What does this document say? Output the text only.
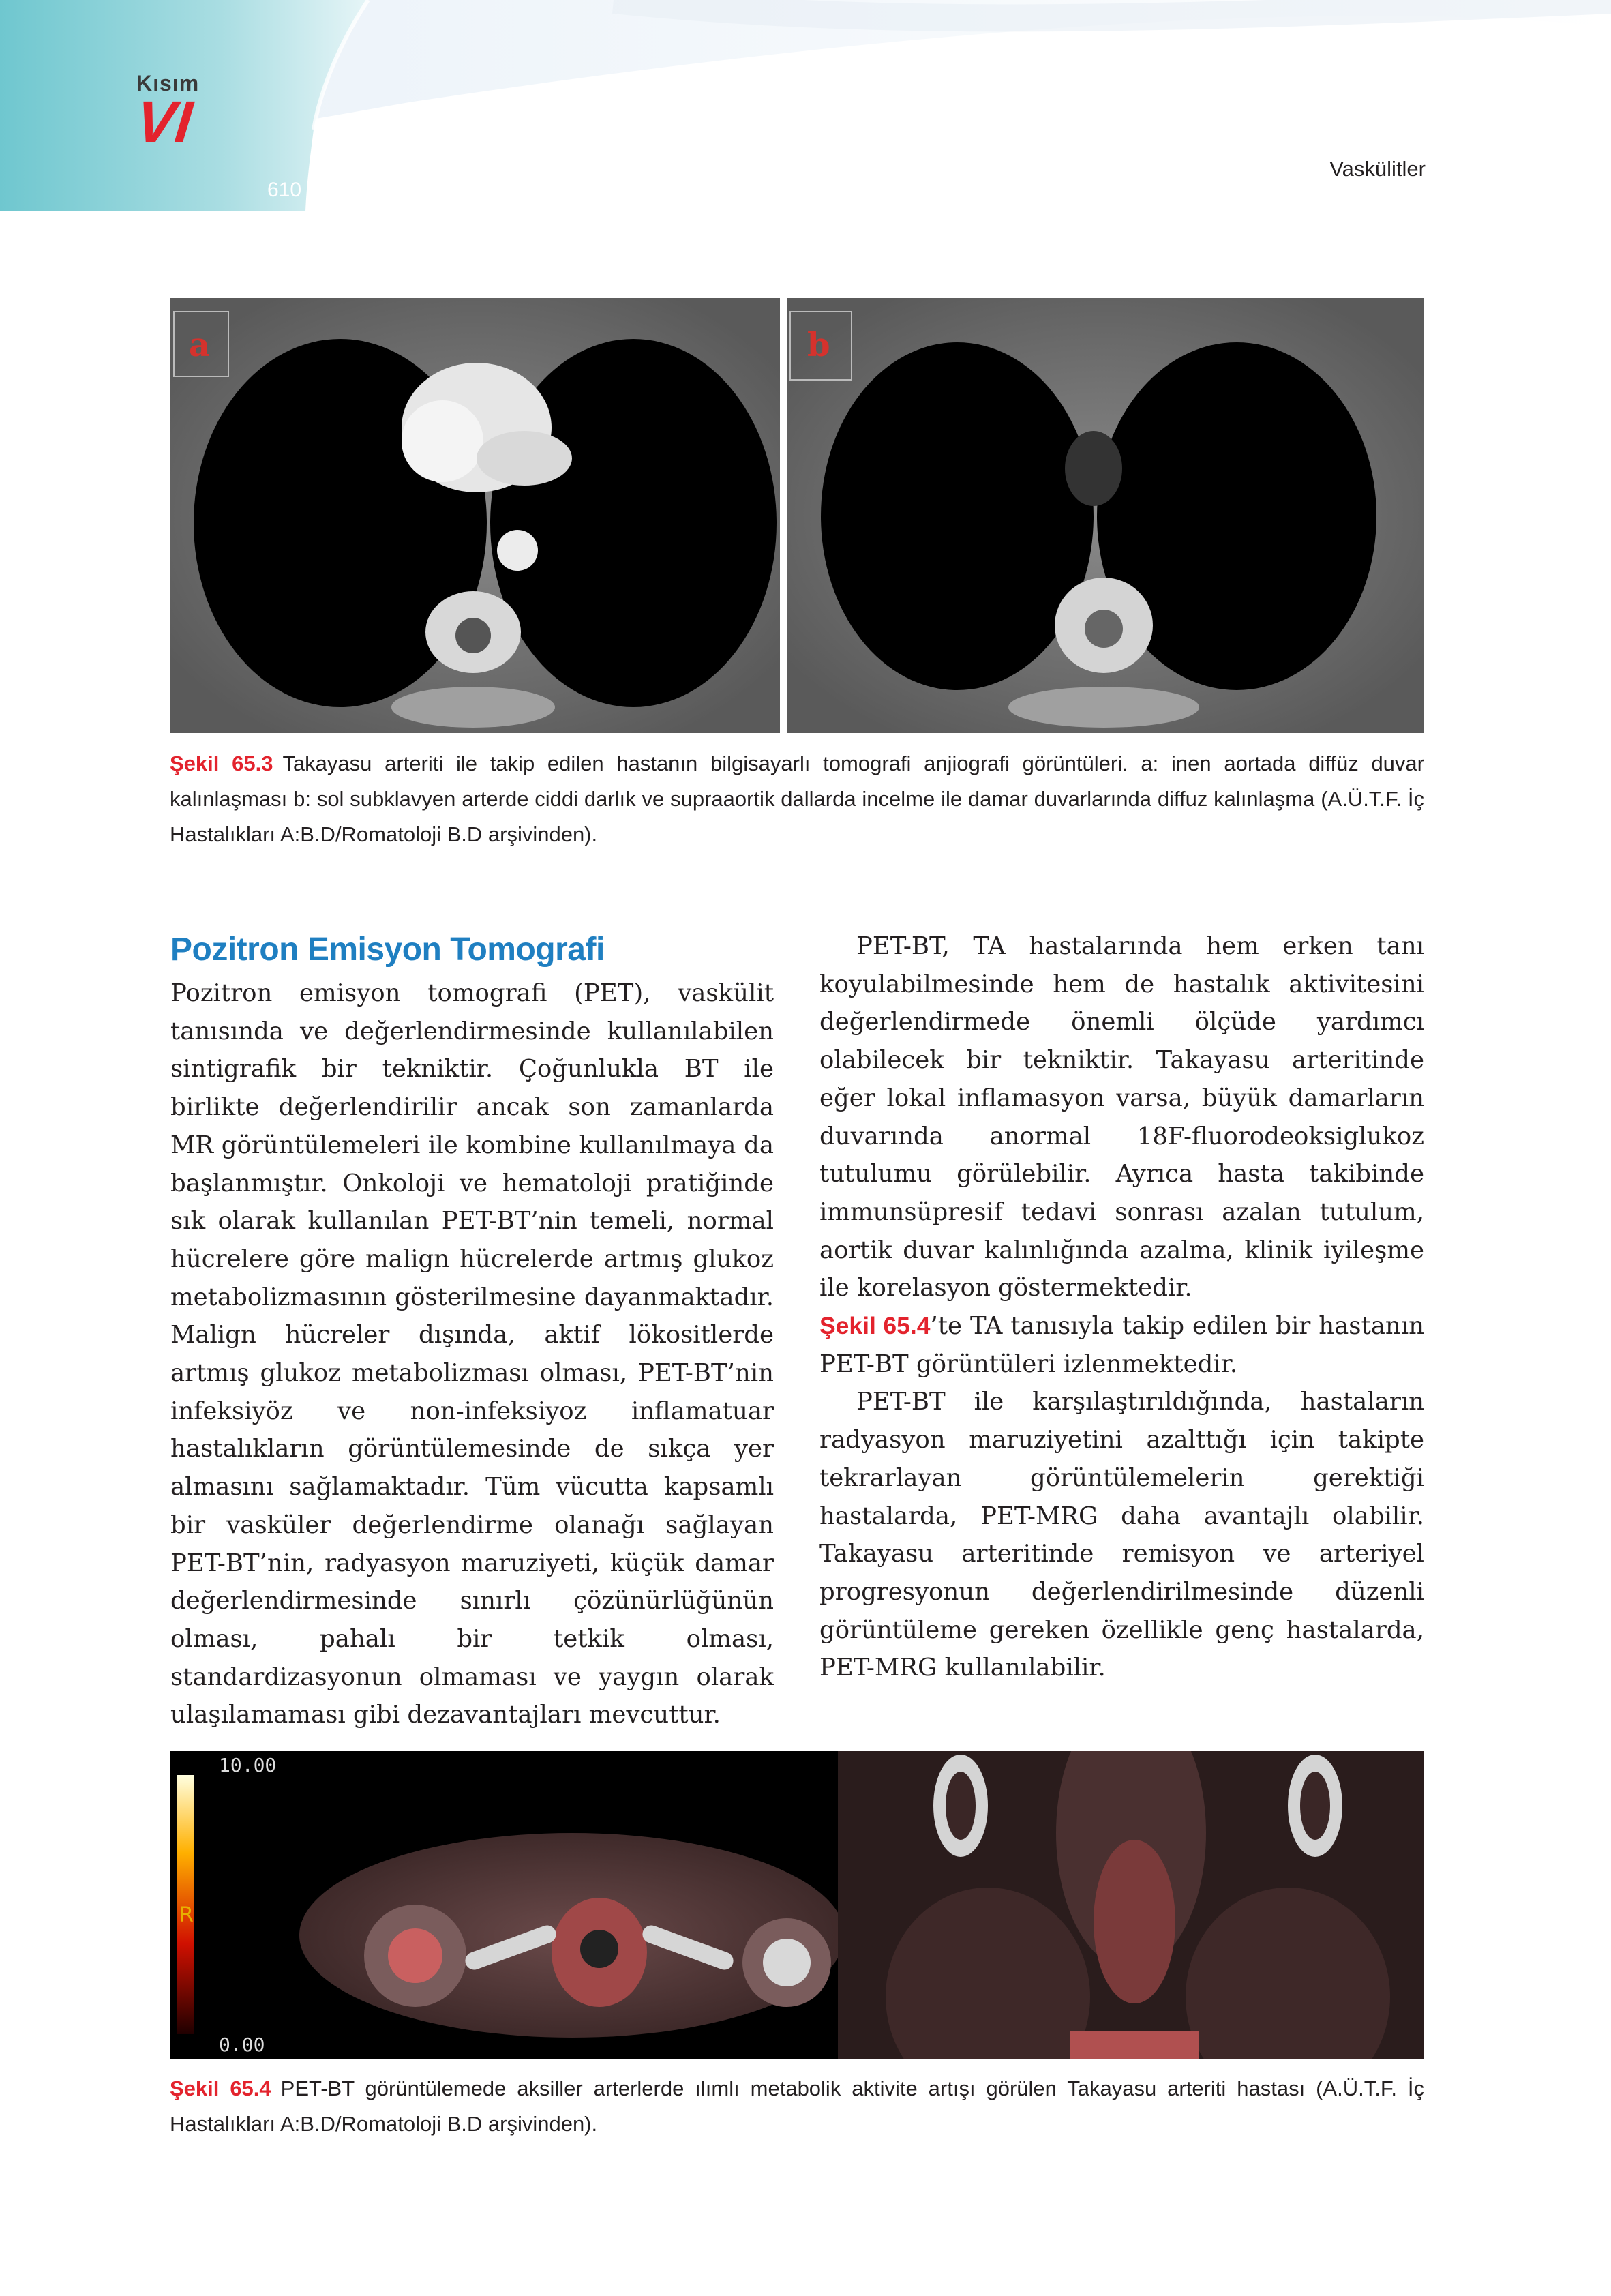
Kısım
VI
610
Vaskülitler
a	b
Şekil 65.3 Takayasu arteriti ile takip edilen hastanın bilgisayarlı tomografi anjiografi görüntüleri. a: inen aortada diffüz duvar kalınlaşması b: sol subklavyen arterde ciddi darlık ve supraaortik dallarda incelme ile damar duvarlarında diffuz kalınlaşma (A.Ü.T.F. İç Hastalıkları A:B.D/Romatoloji B.D arşivinden).
Pozitron Emisyon Tomografi

Pozitron emisyon tomografi (PET), vaskülit tanısında ve değerlendirmesinde kullanılabilen sintigrafik bir tekniktir. Çoğunlukla BT ile birlikte değerlendirilir ancak son zamanlarda MR görüntülemeleri ile kombine kullanılmaya da başlanmıştır. Onkoloji ve hematoloji pratiğinde sık olarak kullanılan PET-BT’nin temeli, normal hücrelere göre malign hücrelerde artmış glukoz metabolizmasının gösterilmesine dayanmaktadır. Malign hücreler dışında, aktif lökositlerde artmış glukoz metabolizması olması, PET-BT’nin infeksiyöz ve non-infeksiyoz inflamatuar hastalıkların görüntülemesinde de sıkça yer almasını sağlamaktadır. Tüm vücutta kapsamlı bir vasküler değerlendirme olanağı sağlayan PET-BT’nin, radyasyon maruziyeti, küçük damar değerlendirmesinde sınırlı çözünürlüğünün olması, pahalı bir tetkik olması, standardizasyonun olmaması ve yaygın olarak ulaşılamaması gibi dezavantajları mevcuttur.

PET-BT, TA hastalarında hem erken tanı koyulabilmesinde hem de hastalık aktivitesini değerlendirmede önemli ölçüde yardımcı olabilecek bir tekniktir. Takayasu arteritinde eğer lokal inflamasyon varsa, büyük damarların duvarında anormal 18F-fluorodeoksiglukoz tutulumu görülebilir. Ayrıca hasta takibinde immunsüpresif tedavi sonrası azalan tutulum, aortik duvar kalınlığında azalma, klinik iyileşme ile korelasyon göstermektedir.
Şekil 65.4’te TA tanısıyla takip edilen bir hastanın PET-BT görüntüleri izlenmektedir.

PET-BT ile karşılaştırıldığında, hastaların radyasyon maruziyetini azalttığı için takipte tekrarlayan görüntülemelerin gerektiği hastalarda, PET-MRG daha avantajlı olabilir. Takayasu arteritinde remisyon ve arteriyel progresyonun değerlendirilmesinde düzenli görüntüleme gereken özellikle genç hastalarda, PET-MRG kullanılabilir.

10.00
R
0.00
Şekil 65.4 PET-BT görüntülemede aksiller arterlerde ılımlı metabolik aktivite artışı görülen Takayasu arteriti hastası (A.Ü.T.F. İç Hastalıkları A:B.D/Romatoloji B.D arşivinden).
